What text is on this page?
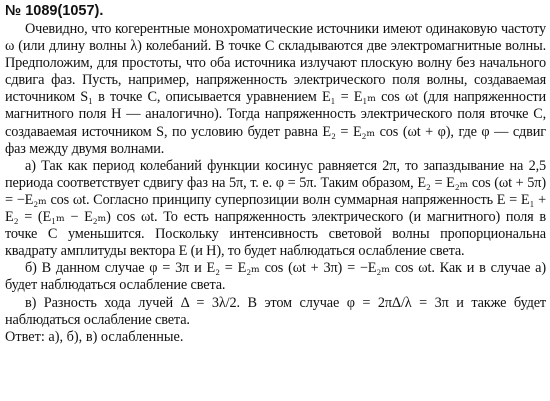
№ 1089(1057).

Очевидно, что когерентные монохроматические источники имеют одинаковую частоту ω (или длину волны λ) колебаний. В точке C складываются две электромагнитные волны. Предположим, для простоты, что оба источника излучают плоскую волну без начального сдвига фаз. Пусть, например, напряженность электрического поля волны, создаваемая источником S₁ в точке C, описывается уравнением E₁ = E₁ₘ cos ωt (для напряженности магнитного поля H — аналогично). Тогда напряженность электрического поля вточке C, создаваемая источником S, по условию будет равна E₂ = E₂ₘ cos (ωt + φ), где φ — сдвиг фаз между двумя волнами.

а) Так как период колебаний функции косинус равняется 2π, то запаздывание на 2,5 периода соответствует сдвигу фаз на 5π, т. е. φ = 5π. Таким образом, E₂ = E₂ₘ cos (ωt + 5π) = −E₂ₘ cos ωt. Согласно принципу суперпозиции волн суммарная напряженность E = E₁ + E₂ = (E₁ₘ − E₂ₘ) cos ωt. То есть напряженность электрического (и магнитного) поля в точке C уменьшится. Поскольку интенсивность световой волны пропорциональна квадрату амплитуды вектора E (и H), то будет наблюдаться ослабление света.

б) В данном случае φ = 3π и E₂ = E₂ₘ cos (ωt + 3π) = −E₂ₘ cos ωt. Как и в случае а) будет наблюдаться ослабление света.

в) Разность хода лучей Δ = 3λ/2. В этом случае φ = 2πΔ/λ = 3π и также будет наблюдаться ослабление света.

Ответ: а), б), в) ослабленные.
